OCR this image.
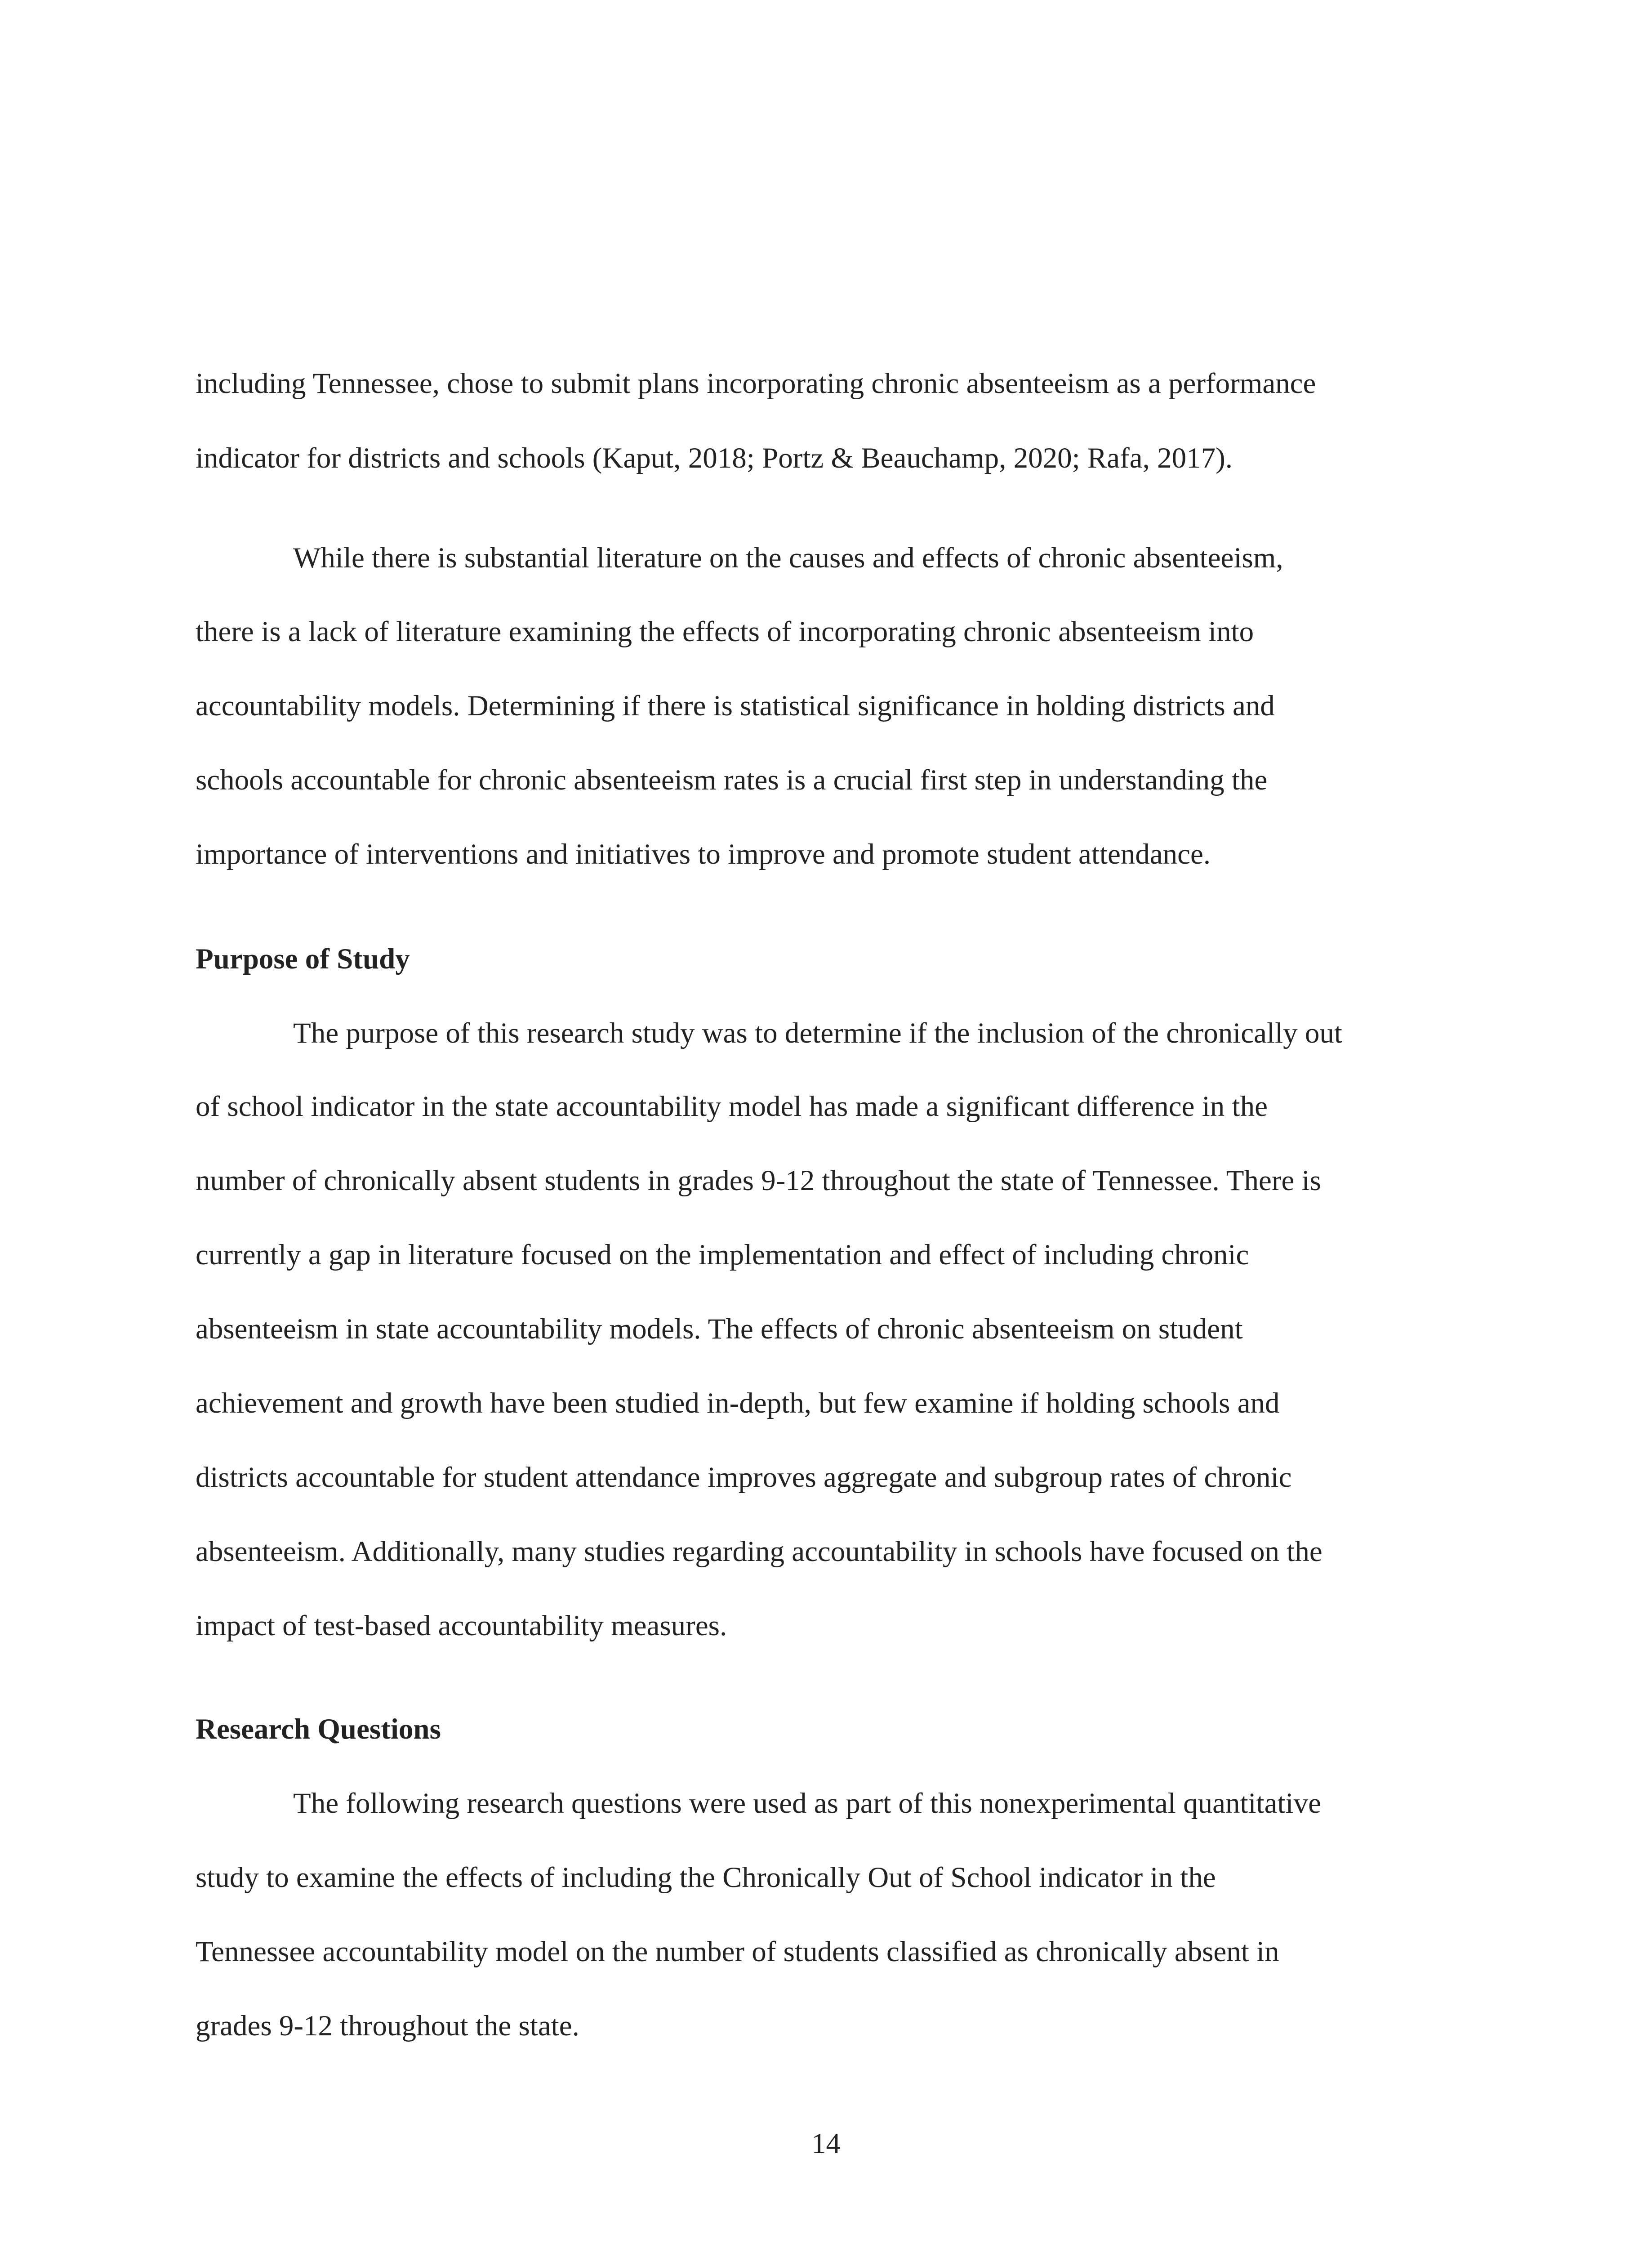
including Tennessee, chose to submit plans incorporating chronic absenteeism as a performance
indicator for districts and schools (Kaput, 2018; Portz & Beauchamp, 2020; Rafa, 2017).
While there is substantial literature on the causes and effects of chronic absenteeism,
there is a lack of literature examining the effects of incorporating chronic absenteeism into
accountability models. Determining if there is statistical significance in holding districts and
schools accountable for chronic absenteeism rates is a crucial first step in understanding the
importance of interventions and initiatives to improve and promote student attendance.
Purpose of Study
The purpose of this research study was to determine if the inclusion of the chronically out
of school indicator in the state accountability model has made a significant difference in the
number of chronically absent students in grades 9-12 throughout the state of Tennessee. There is
currently a gap in literature focused on the implementation and effect of including chronic
absenteeism in state accountability models. The effects of chronic absenteeism on student
achievement and growth have been studied in-depth, but few examine if holding schools and
districts accountable for student attendance improves aggregate and subgroup rates of chronic
absenteeism. Additionally, many studies regarding accountability in schools have focused on the
impact of test-based accountability measures.
Research Questions
The following research questions were used as part of this nonexperimental quantitative
study to examine the effects of including the Chronically Out of School indicator in the
Tennessee accountability model on the number of students classified as chronically absent in
grades 9-12 throughout the state.
14
